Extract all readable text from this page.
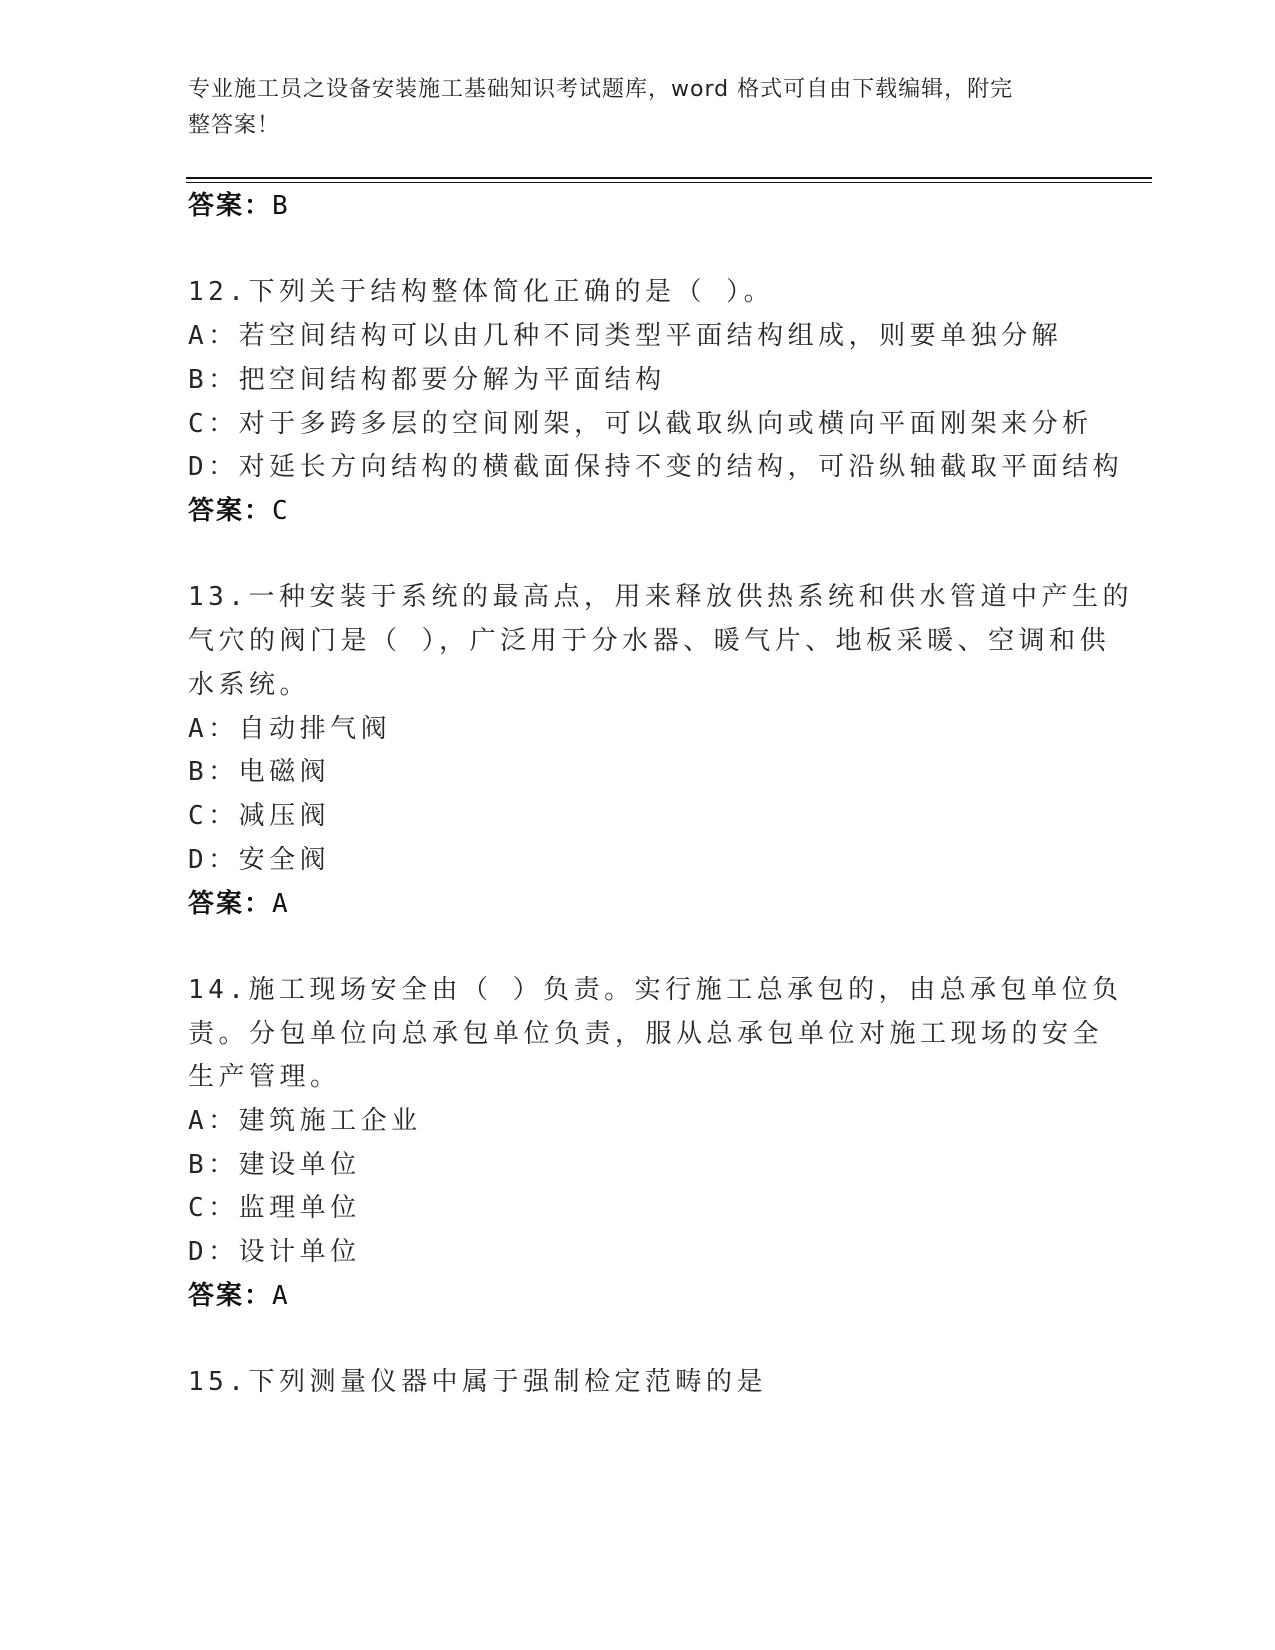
专业施工员之设备安装施工基础知识考试题库，word 格式可自由下载编辑，附完
整答案！
答案：B
12.下列关于结构整体简化正确的是（ ）。
A：若空间结构可以由几种不同类型平面结构组成，则要单独分解
B：把空间结构都要分解为平面结构
C：对于多跨多层的空间刚架，可以截取纵向或横向平面刚架来分析
D：对延长方向结构的横截面保持不变的结构，可沿纵轴截取平面结构
答案：C
13.一种安装于系统的最高点，用来释放供热系统和供水管道中产生的
气穴的阀门是（ ），广泛用于分水器、暖气片、地板采暖、空调和供
水系统。
A：自动排气阀
B：电磁阀
C：减压阀
D：安全阀
答案：A
14.施工现场安全由（ ）负责。实行施工总承包的，由总承包单位负
责。分包单位向总承包单位负责，服从总承包单位对施工现场的安全
生产管理。
A：建筑施工企业
B：建设单位
C：监理单位
D：设计单位
答案：A
15.下列测量仪器中属于强制检定范畴的是
